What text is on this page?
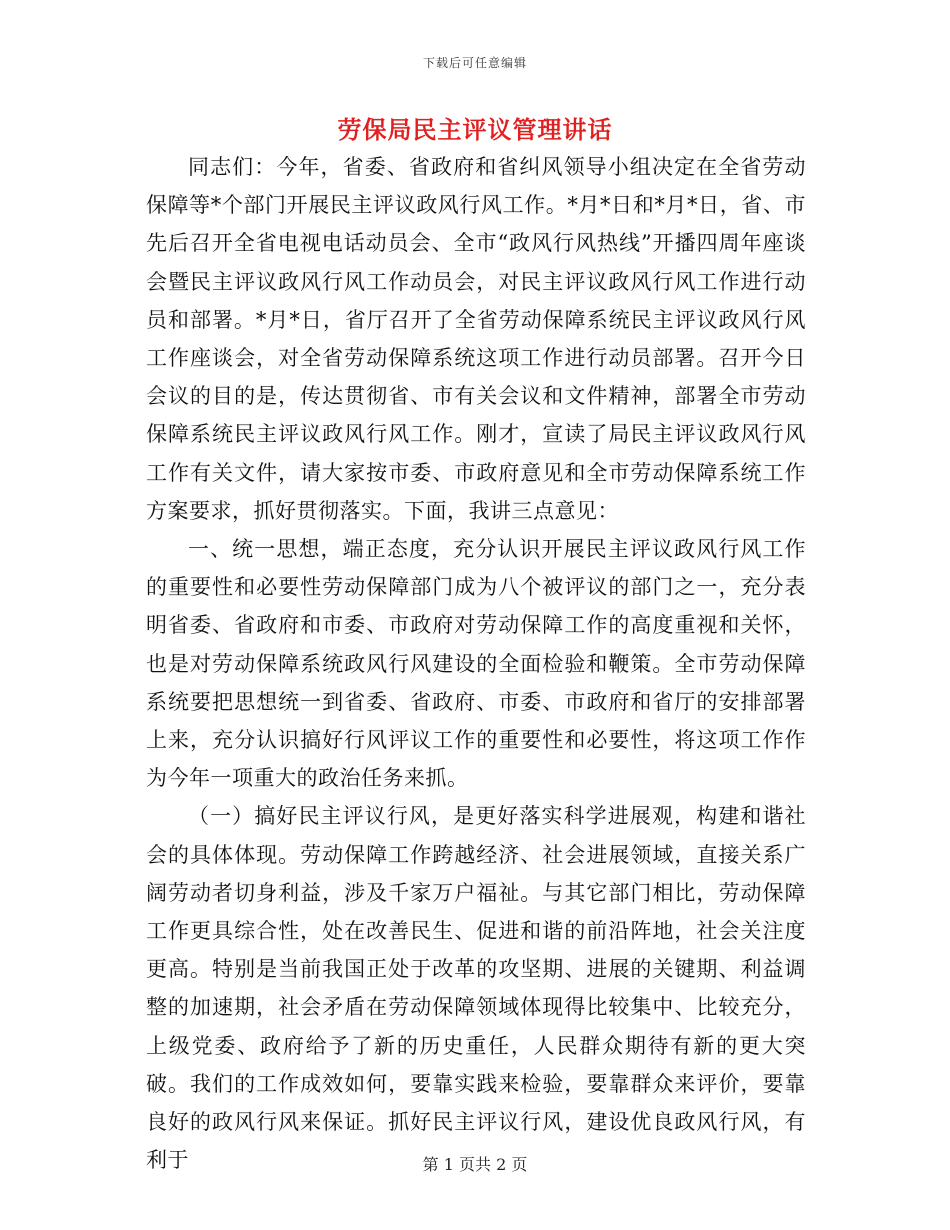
下载后可任意编辑
劳保局民主评议管理讲话

同志们：今年，省委、省政府和省纠风领导小组决定在全省劳动保障等*个部门开展民主评议政风行风工作。*月*日和*月*日，省、市先后召开全省电视电话动员会、全市“政风行风热线”开播四周年座谈会暨民主评议政风行风工作动员会，对民主评议政风行风工作进行动员和部署。*月*日，省厅召开了全省劳动保障系统民主评议政风行风工作座谈会，对全省劳动保障系统这项工作进行动员部署。召开今日会议的目的是，传达贯彻省、市有关会议和文件精神，部署全市劳动保障系统民主评议政风行风工作。刚才，宣读了局民主评议政风行风工作有关文件，请大家按市委、市政府意见和全市劳动保障系统工作方案要求，抓好贯彻落实。下面，我讲三点意见：

一、统一思想，端正态度，充分认识开展民主评议政风行风工作的重要性和必要性劳动保障部门成为八个被评议的部门之一，充分表明省委、省政府和市委、市政府对劳动保障工作的高度重视和关怀，也是对劳动保障系统政风行风建设的全面检验和鞭策。全市劳动保障系统要把思想统一到省委、省政府、市委、市政府和省厅的安排部署上来，充分认识搞好行风评议工作的重要性和必要性，将这项工作作为今年一项重大的政治任务来抓。

（一）搞好民主评议行风，是更好落实科学进展观，构建和谐社会的具体体现。劳动保障工作跨越经济、社会进展领域，直接关系广阔劳动者切身利益，涉及千家万户福祉。与其它部门相比，劳动保障工作更具综合性，处在改善民生、促进和谐的前沿阵地，社会关注度更高。特别是当前我国正处于改革的攻坚期、进展的关键期、利益调整的加速期，社会矛盾在劳动保障领域体现得比较集中、比较充分，上级党委、政府给予了新的历史重任，人民群众期待有新的更大突破。我们的工作成效如何，要靠实践来检验，要靠群众来评价，要靠良好的政风行风来保证。抓好民主评议行风，建设优良政风行风，有利于	第 1 页共 2 页
